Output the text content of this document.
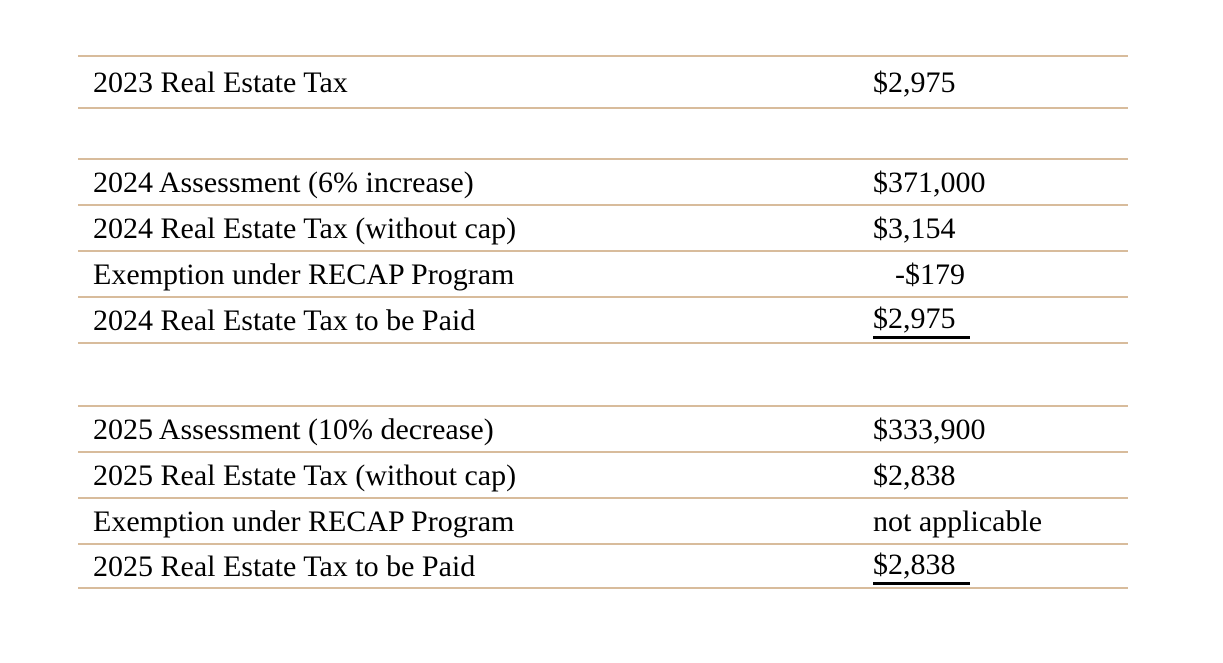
2023 Real Estate Tax	$2,975
2024 Assessment (6% increase)	$371,000
2024 Real Estate Tax (without cap)	$3,154
Exemption under RECAP Program	-$179
2024 Real Estate Tax to be Paid	$2,975
2025 Assessment (10% decrease)	$333,900
2025 Real Estate Tax (without cap)	$2,838
Exemption under RECAP Program	not applicable
2025 Real Estate Tax to be Paid	$2,838
